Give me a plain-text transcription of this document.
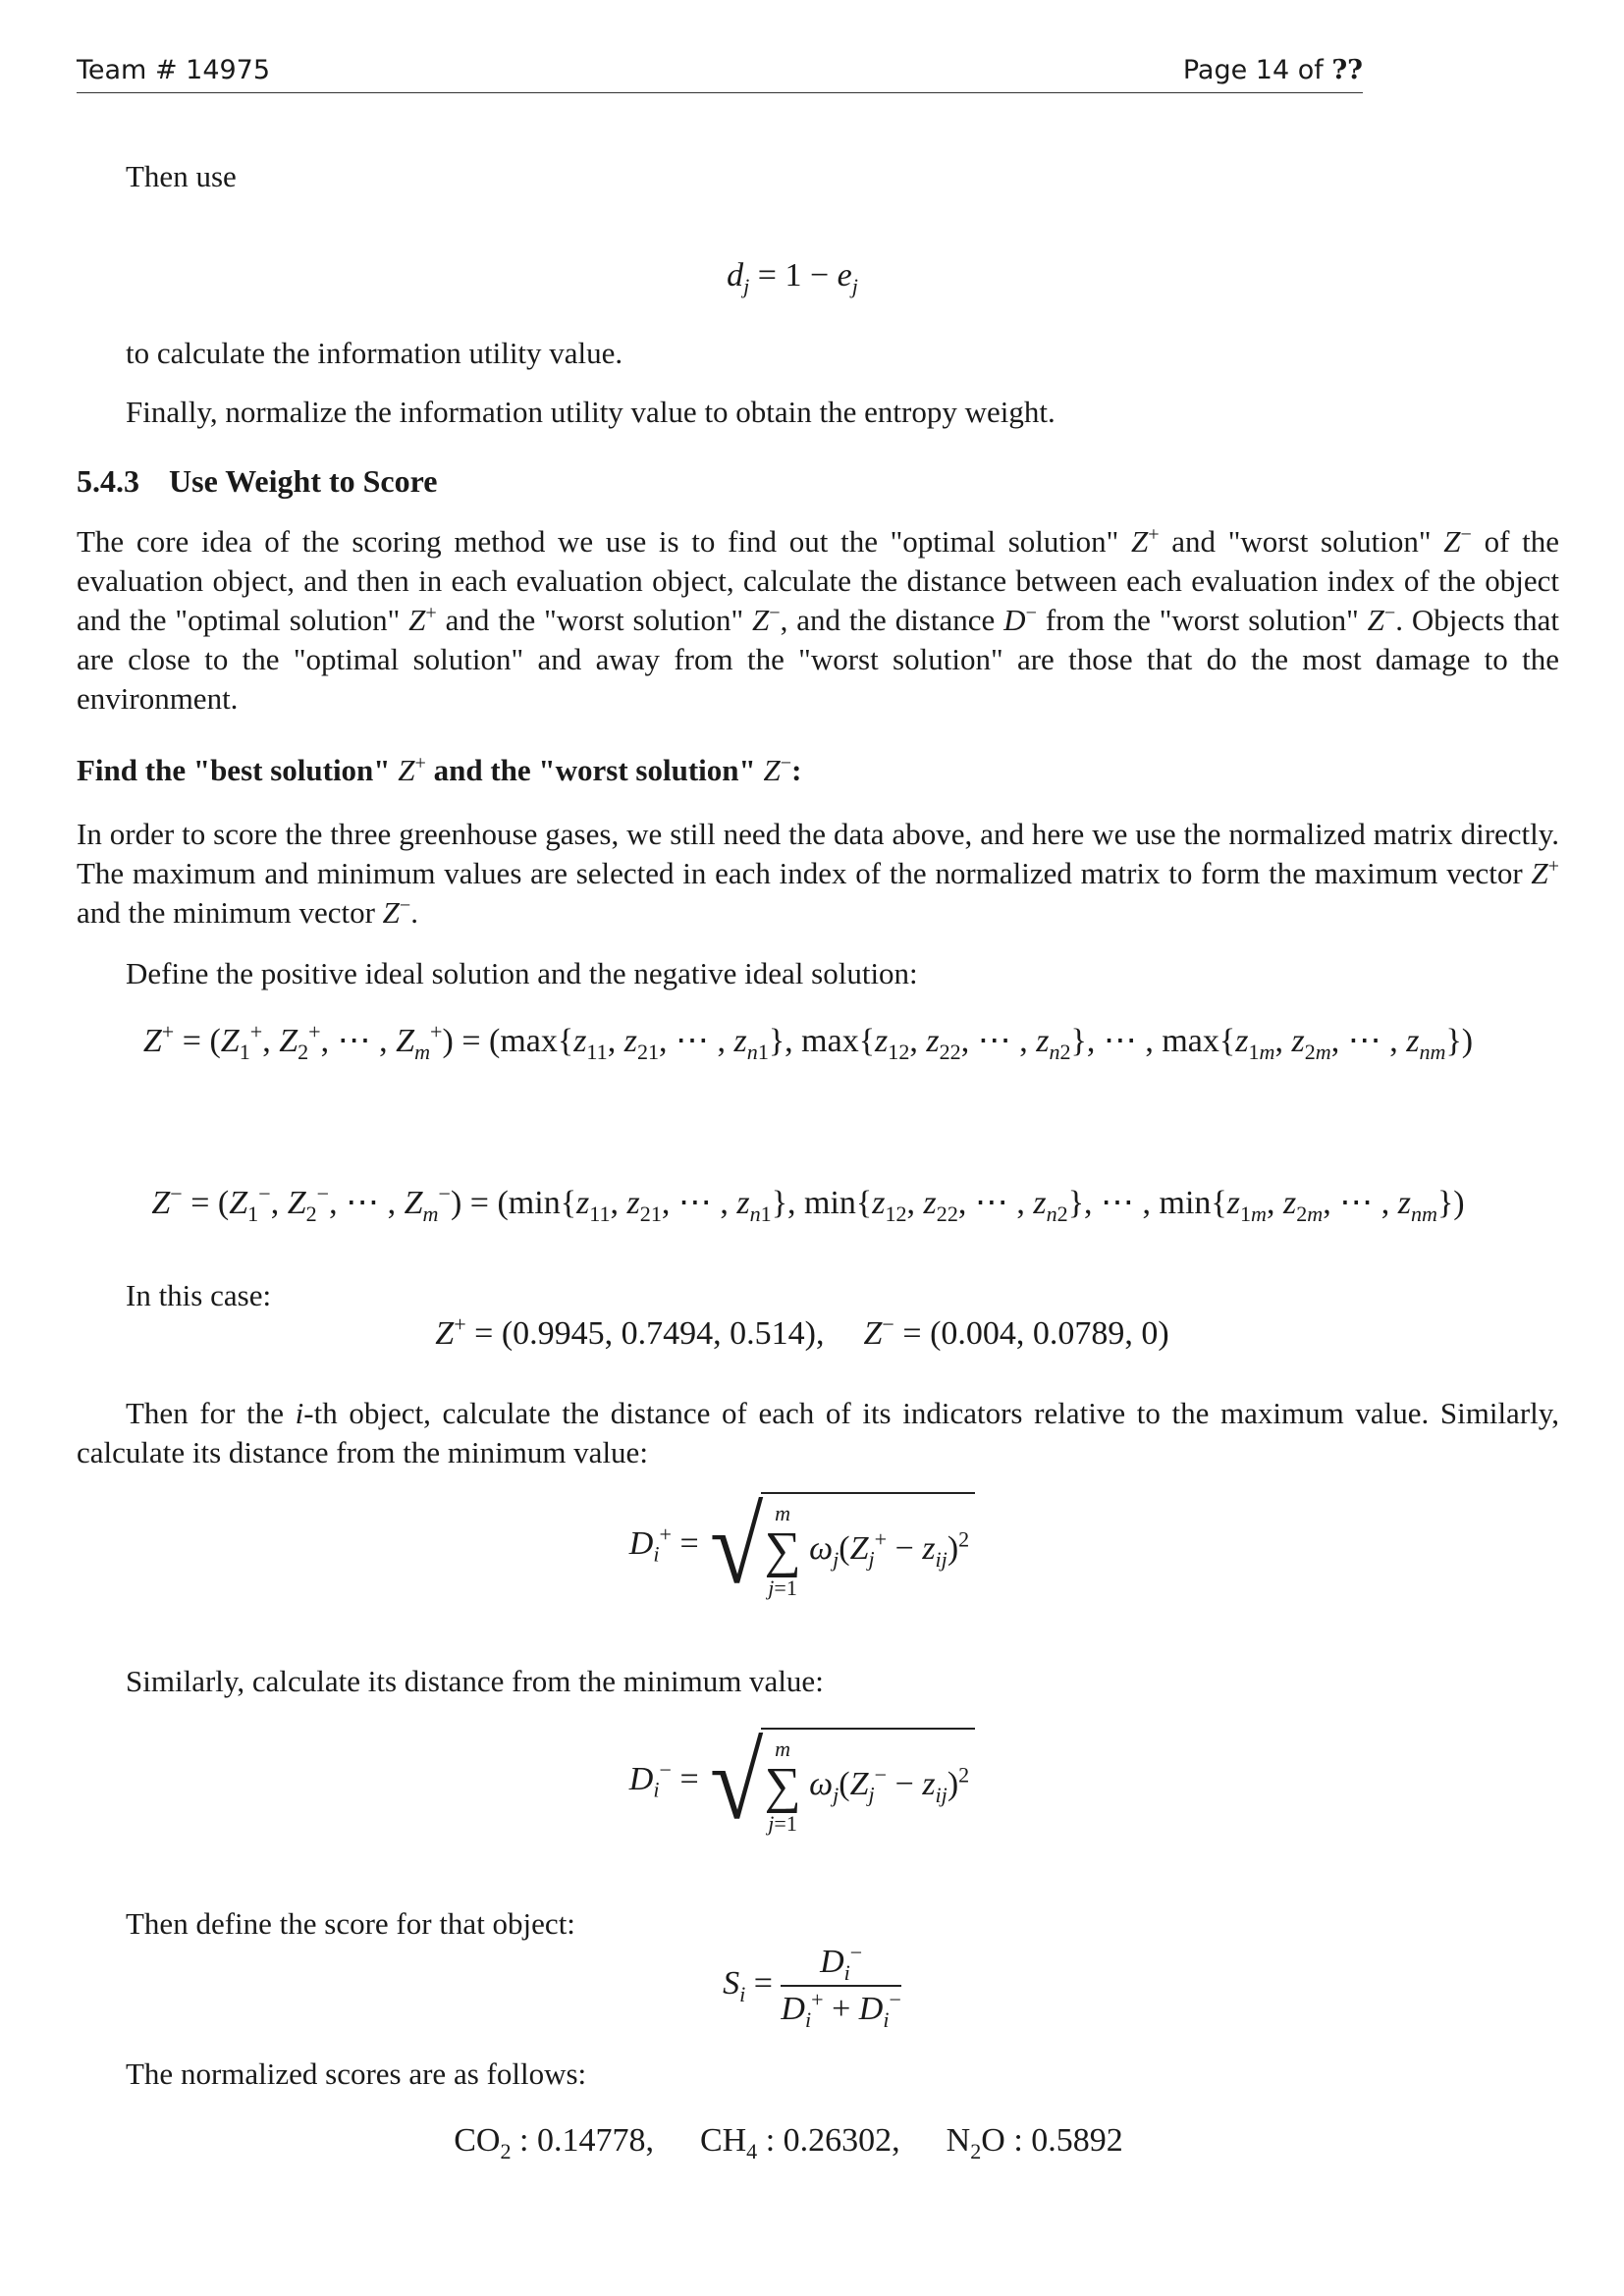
Team # 14975	Page 14 of ??
Then use
$d_j = 1 - e_j$
to calculate the information utility value.
Finally, normalize the information utility value to obtain the entropy weight.
5.4.3 Use Weight to Score
The core idea of the scoring method we use is to find out the "optimal solution" Z+ and "worst solution" Z− of the evaluation object, and then in each evaluation object, calculate the distance between each evaluation index of the object and the "optimal solution" Z+ and the "worst solution" Z−, and the distance D− from the "worst solution" Z−. Objects that are close to the "optimal solution" and away from the "worst solution" are those that do the most damage to the environment.
Find the "best solution" Z+ and the "worst solution" Z−:
In order to score the three greenhouse gases, we still need the data above, and here we use the normalized matrix directly. The maximum and minimum values are selected in each index of the normalized matrix to form the maximum vector Z+ and the minimum vector Z−.
Define the positive ideal solution and the negative ideal solution:
$Z^+ = (Z_1^+$, $Z_2^+$, ⋯ , $Z_m^+) = (\max\{z_{11}$, $z_{21}$, ⋯ , $z_{n1}$}, $\max\{z_{12}$, $z_{22}$, ⋯ , $z_{n2}$}, ⋯ , $\max\{z_{1m}$, $z_{2m}$, ⋯ , $z_{nm}$})
$Z^- = (Z_1^-$, $Z_2^-$, ⋯ , $Z_m^-) = (\min\{z_{11}$, $z_{21}$, ⋯ , $z_{n1}$}, $\min\{z_{12}$, $z_{22}$, ⋯ , $z_{n2}$}, ⋯ , $\min\{z_{1m}$, $z_{2m}$, ⋯ , $z_{nm}$})
In this case:
Z+ = (0.9945, 0.7494, 0.514), Z− = (0.004, 0.0789, 0)
Then for the i-th object, calculate the distance of each of its indicators relative to the maximum value. Similarly, calculate its distance from the minimum value:
$D_i^+$ = √ m
∑
j=1 $\omega_j(Z_j^+ - z_{ij})^2$
Similarly, calculate its distance from the minimum value:
$D_i^-$ = √ m
∑
j=1 $\omega_j(Z_j^- - z_{ij})^2$
Then define the score for that object:
$S_i = \frac{D_i^-}{D_i^+ + D_i^-}$
The normalized scores are as follows:
$CO_2$ : 0.14778, $CH_4$ : 0.26302, $N_2O$ : 0.5892
